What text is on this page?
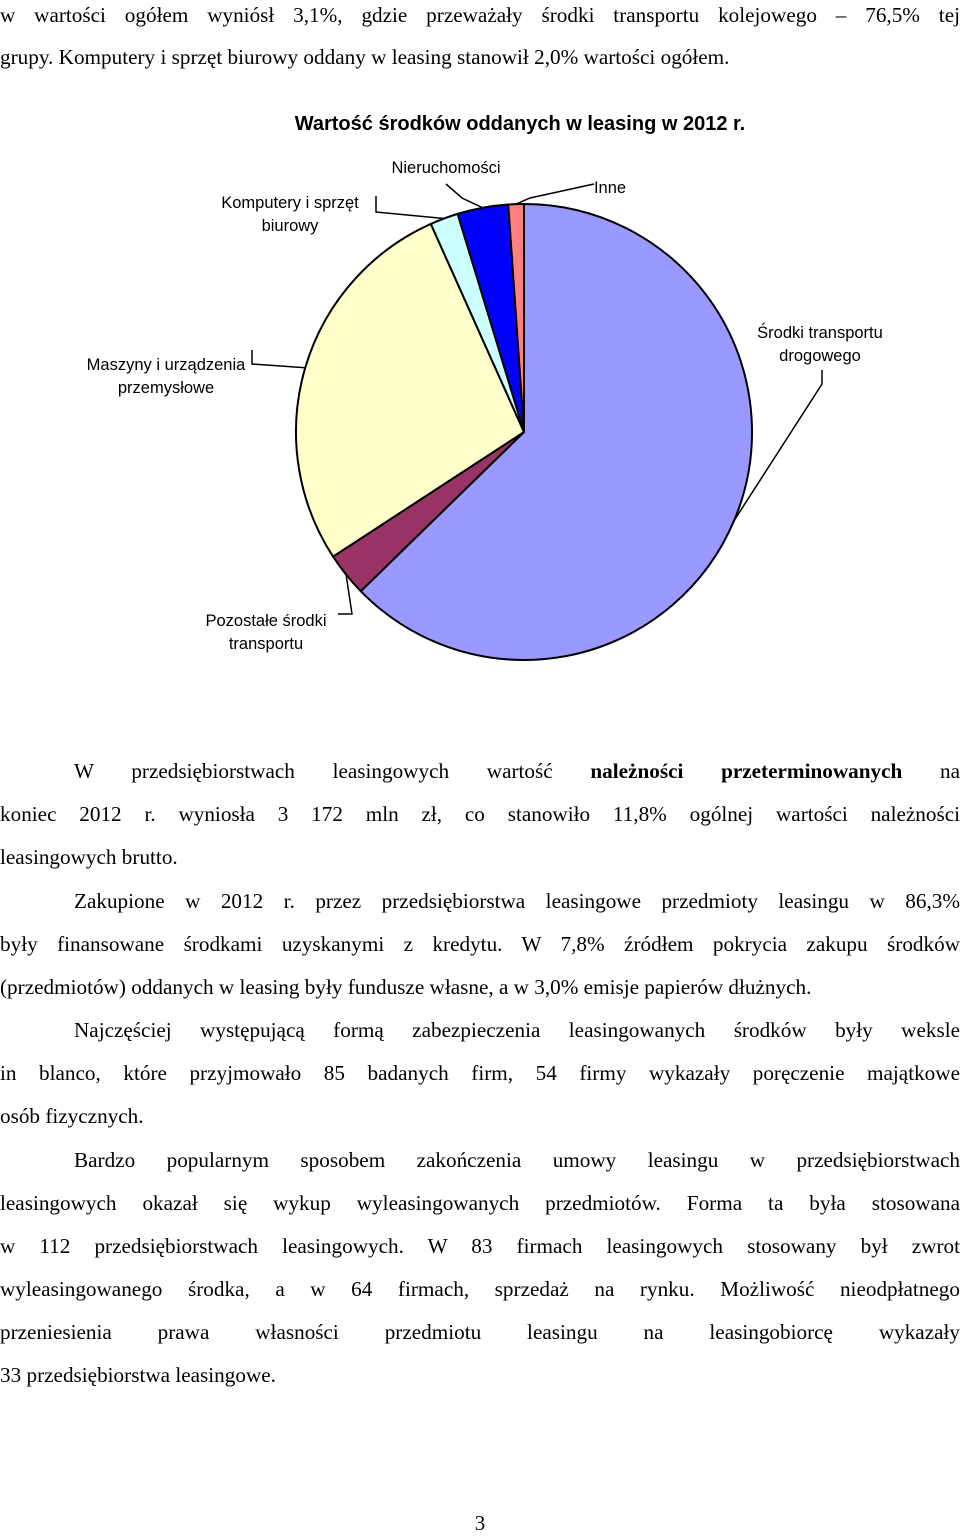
w wartości ogółem wyniósł 3,1%, gdzie przeważały środki transportu kolejowego – 76,5% tej
grupy. Komputery i sprzęt biurowy oddany w leasing stanowił 2,0% wartości ogółem.
Wartość środków oddanych w leasing w 2012 r.
Środki transportu drogowego
Pozostałe środki transportu
Maszyny i urządzenia przemysłowe
Komputery i sprzęt biurowy
Nieruchomości
Inne
W przedsiębiorstwach leasingowych wartość należności przeterminowanych na
koniec 2012 r. wyniosła 3 172 mln zł, co stanowiło 11,8% ogólnej wartości należności
leasingowych brutto.
Zakupione w 2012 r. przez przedsiębiorstwa leasingowe przedmioty leasingu w 86,3%
były finansowane środkami uzyskanymi z kredytu. W 7,8% źródłem pokrycia zakupu środków
(przedmiotów) oddanych w leasing były fundusze własne, a w 3,0% emisje papierów dłużnych.
Najczęściej występującą formą zabezpieczenia leasingowanych środków były weksle
in blanco, które przyjmowało 85 badanych firm, 54 firmy wykazały poręczenie majątkowe
osób fizycznych.
Bardzo popularnym sposobem zakończenia umowy leasingu w przedsiębiorstwach
leasingowych okazał się wykup wyleasingowanych przedmiotów. Forma ta była stosowana
w 112 przedsiębiorstwach leasingowych. W 83 firmach leasingowych stosowany był zwrot
wyleasingowanego środka, a w 64 firmach, sprzedaż na rynku. Możliwość nieodpłatnego
przeniesienia prawa własności przedmiotu leasingu na leasingobiorcę wykazały
33 przedsiębiorstwa leasingowe.
3
